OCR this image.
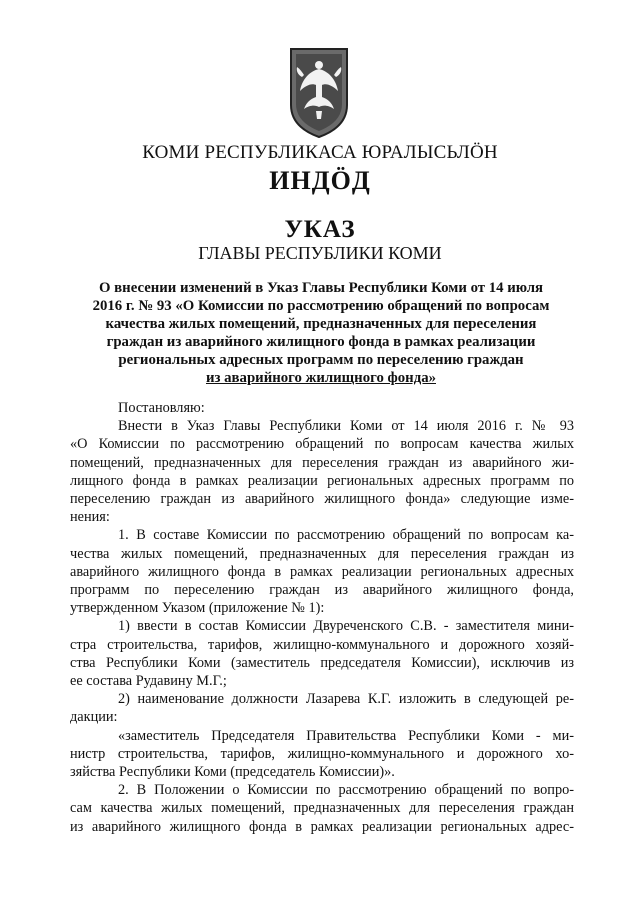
КОМИ РЕСПУБЛИКАСА ЮРАЛЫСЬЛÖН
ИНДÖД
УКАЗ
ГЛАВЫ РЕСПУБЛИКИ КОМИ
О внесении изменений в Указ Главы Республики Коми от 14 июля
2016 г. № 93 «О Комиссии по рассмотрению обращений по вопросам
качества жилых помещений, предназначенных для переселения
граждан из аварийного жилищного фонда в рамках реализации
региональных адресных программ по переселению граждан
из аварийного жилищного фонда»
Постановляю:
Внести в Указ Главы Республики Коми от 14 июля 2016 г. № 93
«О Комиссии по рассмотрению обращений по вопросам качества жилых
помещений, предназначенных для переселения граждан из аварийного жи-
лищного фонда в рамках реализации региональных адресных программ по
переселению граждан из аварийного жилищного фонда» следующие изме-
нения:
1. В составе Комиссии по рассмотрению обращений по вопросам ка-
чества жилых помещений, предназначенных для переселения граждан из
аварийного жилищного фонда в рамках реализации региональных адресных
программ по переселению граждан из аварийного жилищного фонда,
утвержденном Указом (приложение № 1):
1) ввести в состав Комиссии Двуреченского С.В. - заместителя мини-
стра строительства, тарифов, жилищно-коммунального и дорожного хозяй-
ства Республики Коми (заместитель председателя Комиссии), исключив из
ее состава Рудавину М.Г.;
2) наименование должности Лазарева К.Г. изложить в следующей ре-
дакции:
«заместитель Председателя Правительства Республики Коми - ми-
нистр строительства, тарифов, жилищно-коммунального и дорожного хо-
зяйства Республики Коми (председатель Комиссии)».
2. В Положении о Комиссии по рассмотрению обращений по вопро-
сам качества жилых помещений, предназначенных для переселения граждан
из аварийного жилищного фонда в рамках реализации региональных адрес-
